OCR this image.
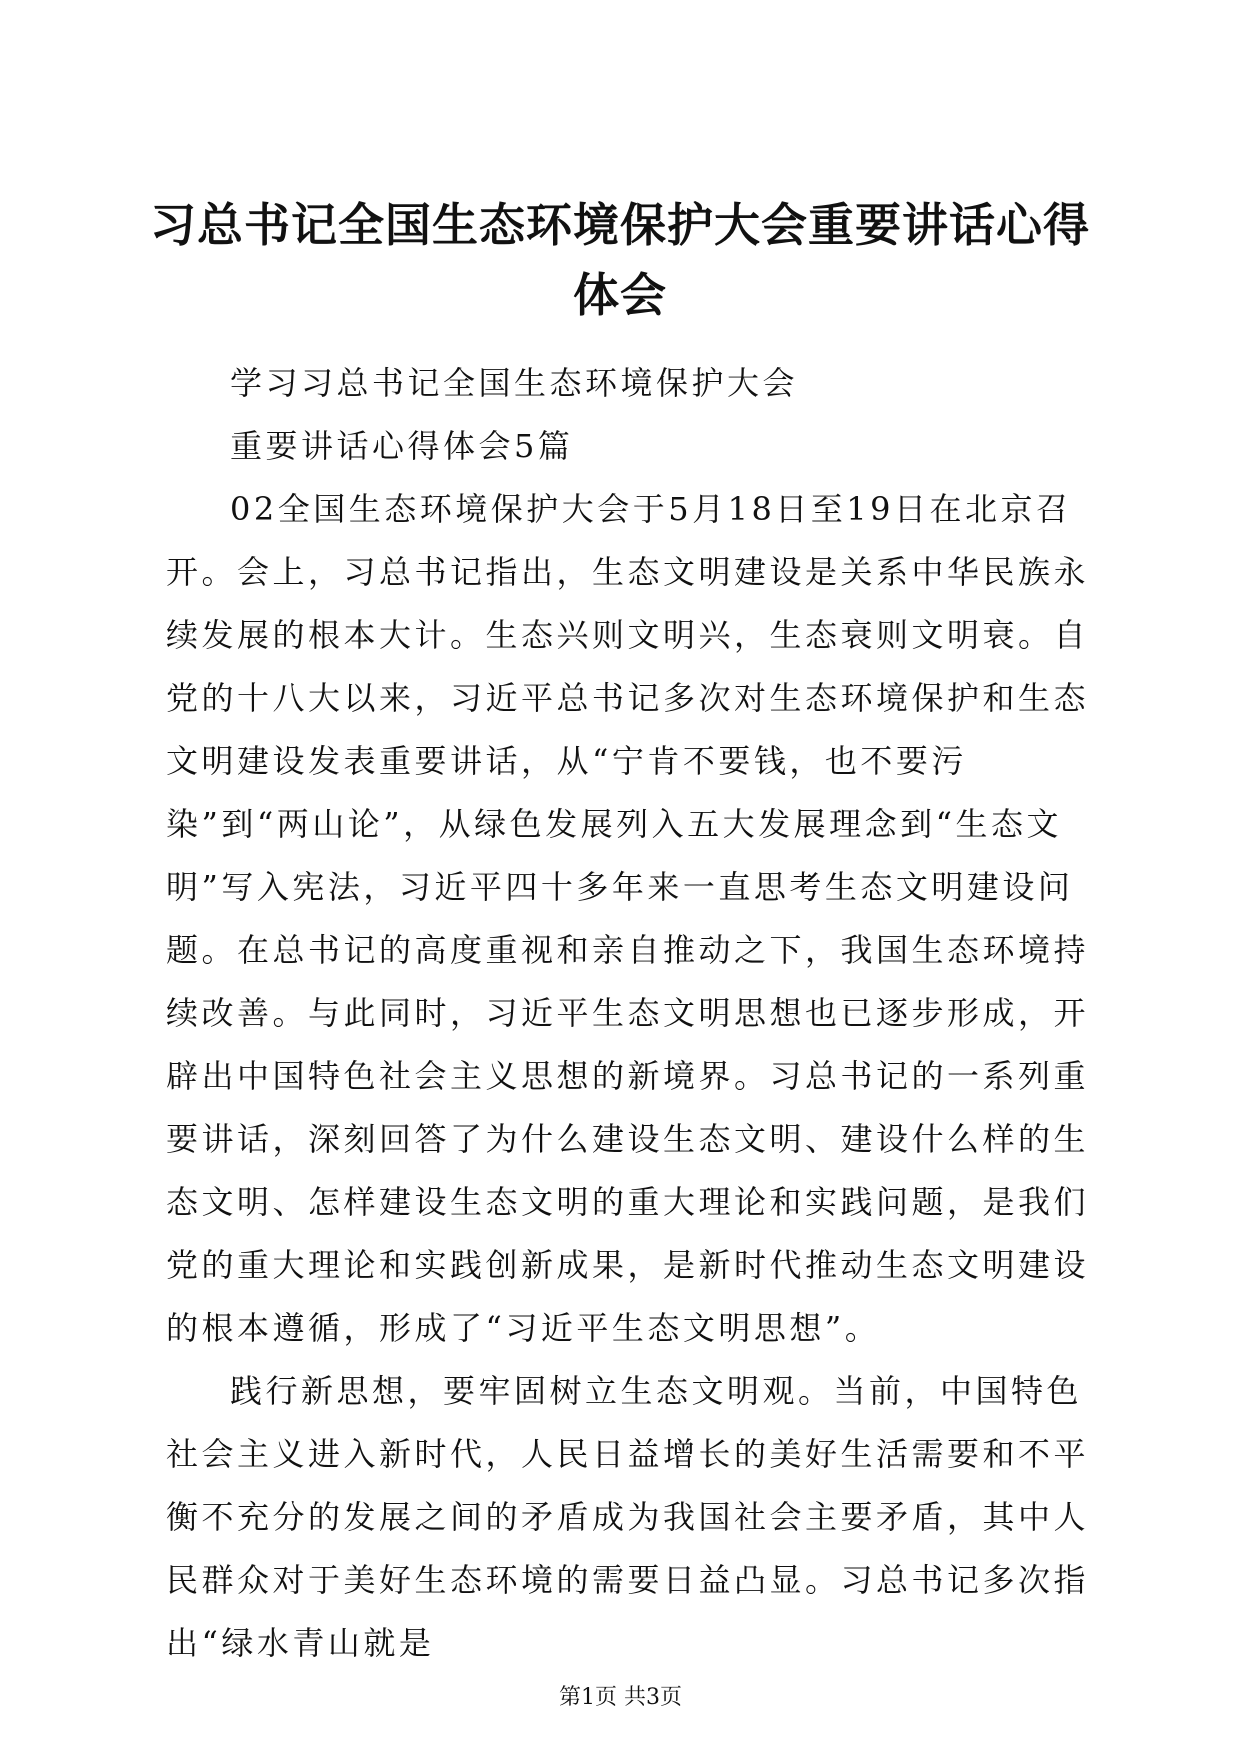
习总书记全国生态环境保护大会重要讲话心得
体会

学习习总书记全国生态环境保护大会

重要讲话心得体会5篇

02全国生态环境保护大会于5月18日至19日在北京召开。会上，习总书记指出，生态文明建设是关系中华民族永续发展的根本大计。生态兴则文明兴，生态衰则文明衰。自党的十八大以来，习近平总书记多次对生态环境保护和生态文明建设发表重要讲话，从“宁肯不要钱，也不要污染”到“两山论”，从绿色发展列入五大发展理念到“生态文明”写入宪法，习近平四十多年来一直思考生态文明建设问题。在总书记的高度重视和亲自推动之下，我国生态环境持续改善。与此同时，习近平生态文明思想也已逐步形成，开辟出中国特色社会主义思想的新境界。习总书记的一系列重要讲话，深刻回答了为什么建设生态文明、建设什么样的生态文明、怎样建设生态文明的重大理论和实践问题，是我们党的重大理论和实践创新成果，是新时代推动生态文明建设的根本遵循，形成了“习近平生态文明思想”。

践行新思想，要牢固树立生态文明观。当前，中国特色社会主义进入新时代，人民日益增长的美好生活需要和不平衡不充分的发展之间的矛盾成为我国社会主要矛盾，其中人民群众对于美好生态环境的需要日益凸显。习总书记多次指出“绿水青山就是

第1页 共3页
